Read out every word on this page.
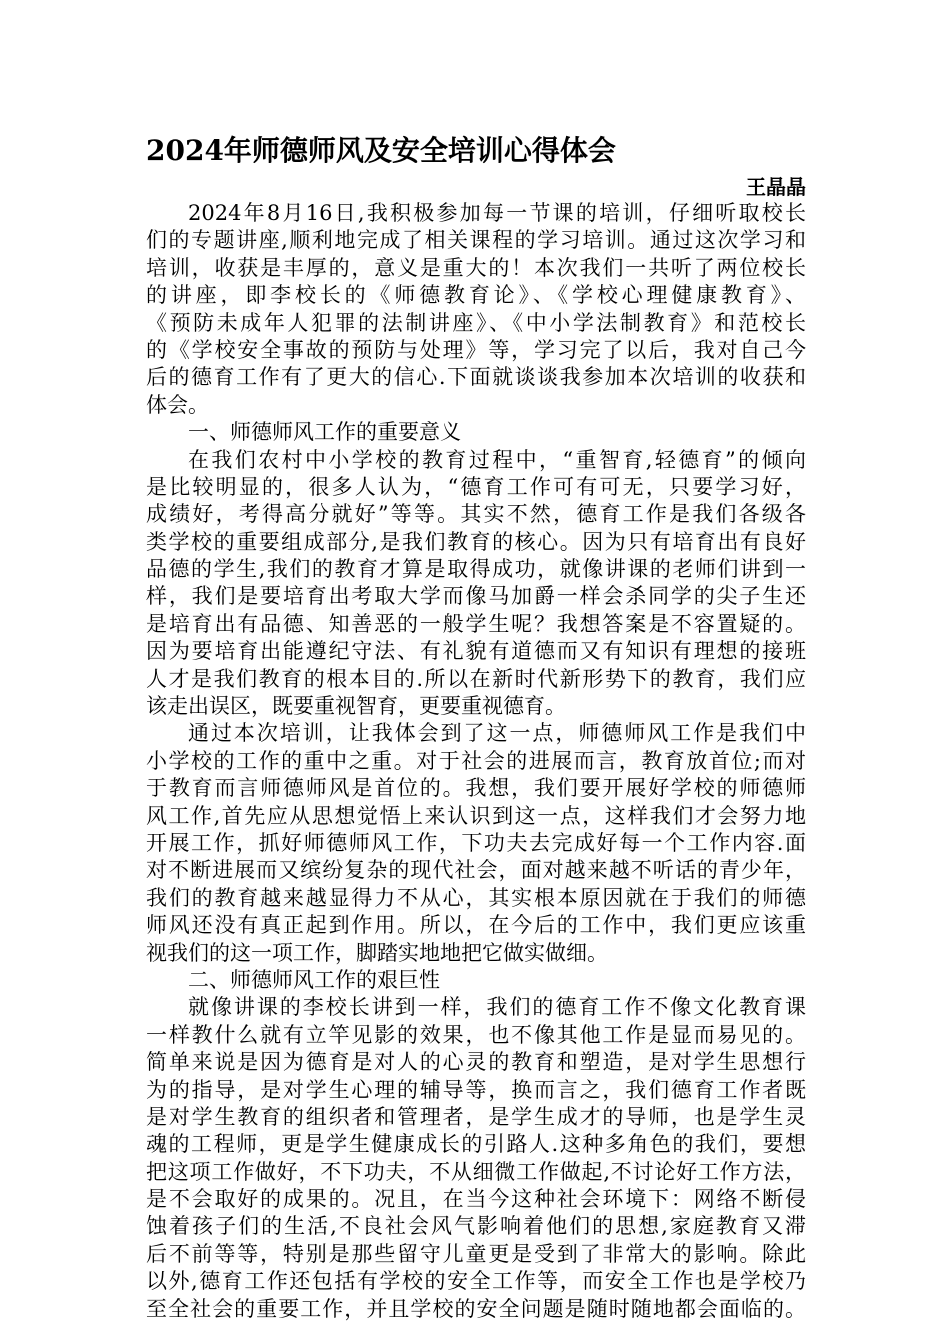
2024年师德师风及安全培训心得体会
王晶晶
2024年8月16日,我积极参加每一节课的培训，仔细听取校长
们的专题讲座,顺利地完成了相关课程的学习培训。通过这次学习和
培训，收获是丰厚的，意义是重大的！本次我们一共听了两位校长
的讲座，即李校长的《师德教育论》、《学校心理健康教育》、
《预防未成年人犯罪的法制讲座》、《中小学法制教育》和范校长
的《学校安全事故的预防与处理》等，学习完了以后，我对自己今
后的德育工作有了更大的信心.下面就谈谈我参加本次培训的收获和
体会。
一、师德师风工作的重要意义
在我们农村中小学校的教育过程中，“重智育,轻德育”的倾向
是比较明显的，很多人认为，“德育工作可有可无，只要学习好，
成绩好，考得高分就好”等等。其实不然，德育工作是我们各级各
类学校的重要组成部分,是我们教育的核心。因为只有培育出有良好
品德的学生,我们的教育才算是取得成功，就像讲课的老师们讲到一
样，我们是要培育出考取大学而像马加爵一样会杀同学的尖子生还
是培育出有品德、知善恶的一般学生呢？我想答案是不容置疑的。
因为要培育出能遵纪守法、有礼貌有道德而又有知识有理想的接班
人才是我们教育的根本目的.所以在新时代新形势下的教育，我们应
该走出误区，既要重视智育，更要重视德育。
通过本次培训，让我体会到了这一点，师德师风工作是我们中
小学校的工作的重中之重。对于社会的进展而言，教育放首位;而对
于教育而言师德师风是首位的。我想，我们要开展好学校的师德师
风工作,首先应从思想觉悟上来认识到这一点，这样我们才会努力地
开展工作，抓好师德师风工作，下功夫去完成好每一个工作内容.面
对不断进展而又缤纷复杂的现代社会，面对越来越不听话的青少年，
我们的教育越来越显得力不从心，其实根本原因就在于我们的师德
师风还没有真正起到作用。所以，在今后的工作中，我们更应该重
视我们的这一项工作，脚踏实地地把它做实做细。
二、师德师风工作的艰巨性
就像讲课的李校长讲到一样，我们的德育工作不像文化教育课
一样教什么就有立竿见影的效果，也不像其他工作是显而易见的。
简单来说是因为德育是对人的心灵的教育和塑造，是对学生思想行
为的指导，是对学生心理的辅导等，换而言之，我们德育工作者既
是对学生教育的组织者和管理者，是学生成才的导师，也是学生灵
魂的工程师，更是学生健康成长的引路人.这种多角色的我们，要想
把这项工作做好，不下功夫，不从细微工作做起,不讨论好工作方法，
是不会取好的成果的。况且，在当今这种社会环境下：网络不断侵
蚀着孩子们的生活,不良社会风气影响着他们的思想,家庭教育又滞
后不前等等，特别是那些留守儿童更是受到了非常大的影响。除此
以外,德育工作还包括有学校的安全工作等，而安全工作也是学校乃
至全社会的重要工作，并且学校的安全问题是随时随地都会面临的。
